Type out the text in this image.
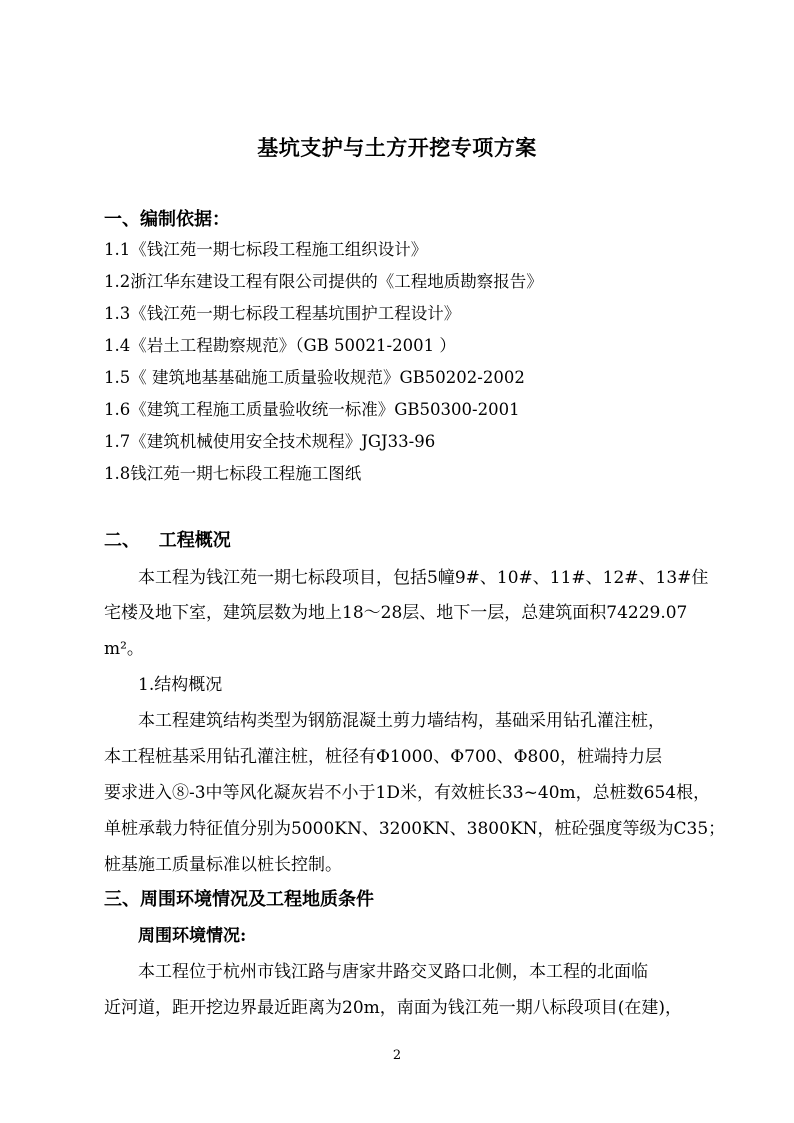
基坑支护与土方开挖专项方案
一、编制依据：
1.1《钱江苑一期七标段工程施工组织设计》
1.2浙江华东建设工程有限公司提供的《工程地质勘察报告》
1.3《钱江苑一期七标段工程基坑围护工程设计》
1.4《岩土工程勘察规范》（GB 50021-2001 ）
1.5《 建筑地基基础施工质量验收规范》GB50202-2002
1.6《建筑工程施工质量验收统一标准》GB50300-2001
1.7《建筑机械使用安全技术规程》JGJ33-96
1.8钱江苑一期七标段工程施工图纸
二、   工程概况
本工程为钱江苑一期七标段项目，包括5幢9#、10#、11#、12#、13#住
宅楼及地下室，建筑层数为地上18～28层、地下一层，总建筑面积74229.07
m²。
1.结构概况
本工程建筑结构类型为钢筋混凝土剪力墙结构，基础采用钻孔灌注桩，
本工程桩基采用钻孔灌注桩，桩径有Φ1000、Φ700、Φ800，桩端持力层
要求进入⑧-3中等风化凝灰岩不小于1D米，有效桩长33~40m，总桩数654根，
单桩承载力特征值分别为5000KN、3200KN、3800KN，桩砼强度等级为C35；
桩基施工质量标准以桩长控制。
三、周围环境情况及工程地质条件
周围环境情况:
本工程位于杭州市钱江路与唐家井路交叉路口北侧，本工程的北面临
近河道，距开挖边界最近距离为20m，南面为钱江苑一期八标段项目(在建)，
2
